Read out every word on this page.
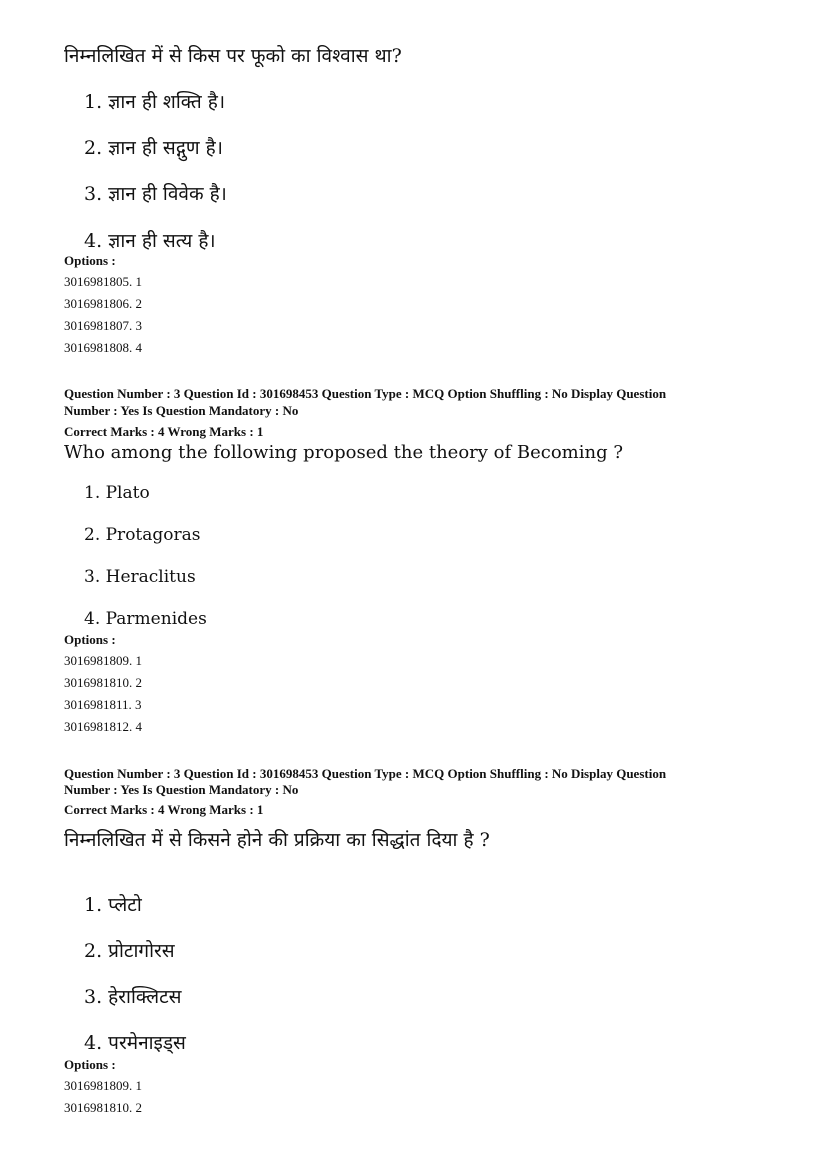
निम्नलिखित में से किस पर फूको का विश्वास था?
1. ज्ञान ही शक्ति है।
2. ज्ञान ही सद्गुण है।
3. ज्ञान ही विवेक है।
4. ज्ञान ही सत्य है।
Options :
3016981805. 1
3016981806. 2
3016981807. 3
3016981808. 4
Question Number : 3 Question Id : 301698453 Question Type : MCQ Option Shuffling : No Display Question
Number : Yes Is Question Mandatory : No
Correct Marks : 4 Wrong Marks : 1
Who among the following proposed the theory of Becoming ?
1. Plato
2. Protagoras
3. Heraclitus
4. Parmenides
Options :
3016981809. 1
3016981810. 2
3016981811. 3
3016981812. 4
Question Number : 3 Question Id : 301698453 Question Type : MCQ Option Shuffling : No Display Question
Number : Yes Is Question Mandatory : No
Correct Marks : 4 Wrong Marks : 1
निम्नलिखित में से किसने होने की प्रक्रिया का सिद्धांत दिया है ?
1. प्लेटो
2. प्रोटागोरस
3. हेराक्लिटस
4. परमेनाइड्स
Options :
3016981809. 1
3016981810. 2
